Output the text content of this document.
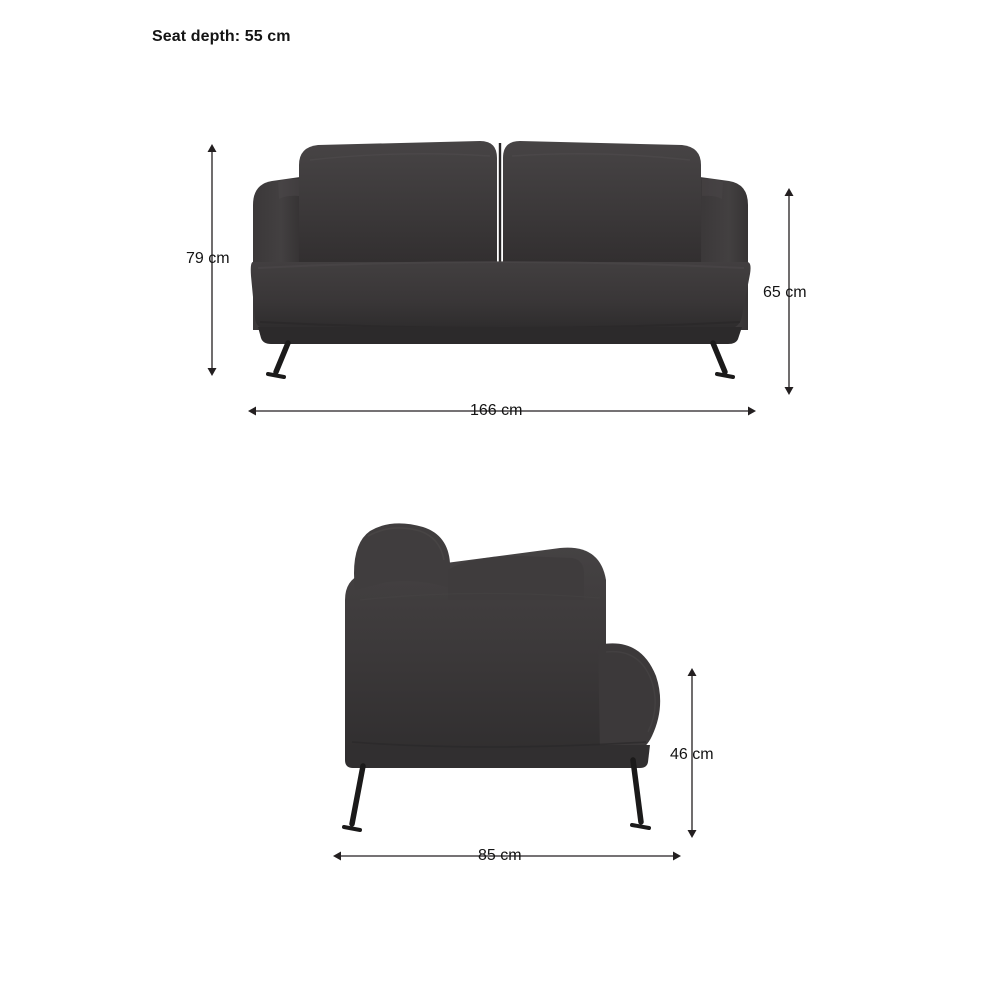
Seat depth: 55 cm
79 cm
65 cm
166 cm
46 cm
85 cm
